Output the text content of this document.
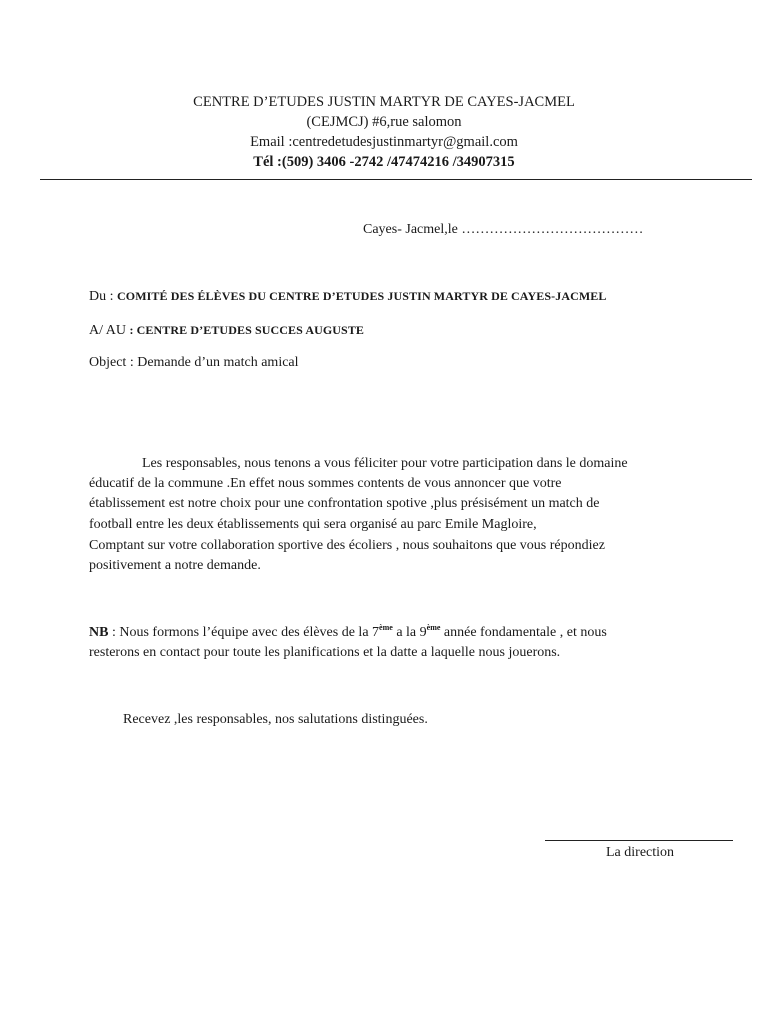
CENTRE D’ETUDES JUSTIN MARTYR DE CAYES-JACMEL
(CEJMCJ) #6,rue salomon
Email :centredetudesjustinmartyr@gmail.com
Tél :(509) 3406 -2742 /47474216 /34907315
Cayes- Jacmel,le …………………………………
Du : COMITÉ DES ÉLÈVES DU CENTRE D’ETUDES JUSTIN MARTYR DE CAYES-JACMEL
A/ AU : CENTRE D’ETUDES SUCCES AUGUSTE
Object : Demande d’un match amical
Les responsables, nous tenons a vous féliciter pour votre participation dans le domaine
éducatif de la commune .En effet nous sommes contents de vous annoncer que votre
établissement est notre choix pour une confrontation spotive ,plus présisément un match de
football entre les deux établissements qui sera organisé au parc Emile Magloire,
Comptant sur votre collaboration sportive des écoliers , nous souhaitons que vous répondiez
positivement a notre demande.
NB : Nous formons l’équipe avec des élèves de la 7ème a la 9ème année fondamentale , et nous
resterons en contact pour toute les planifications et la datte a laquelle nous jouerons.
Recevez ,les responsables, nos salutations distinguées.
La direction
